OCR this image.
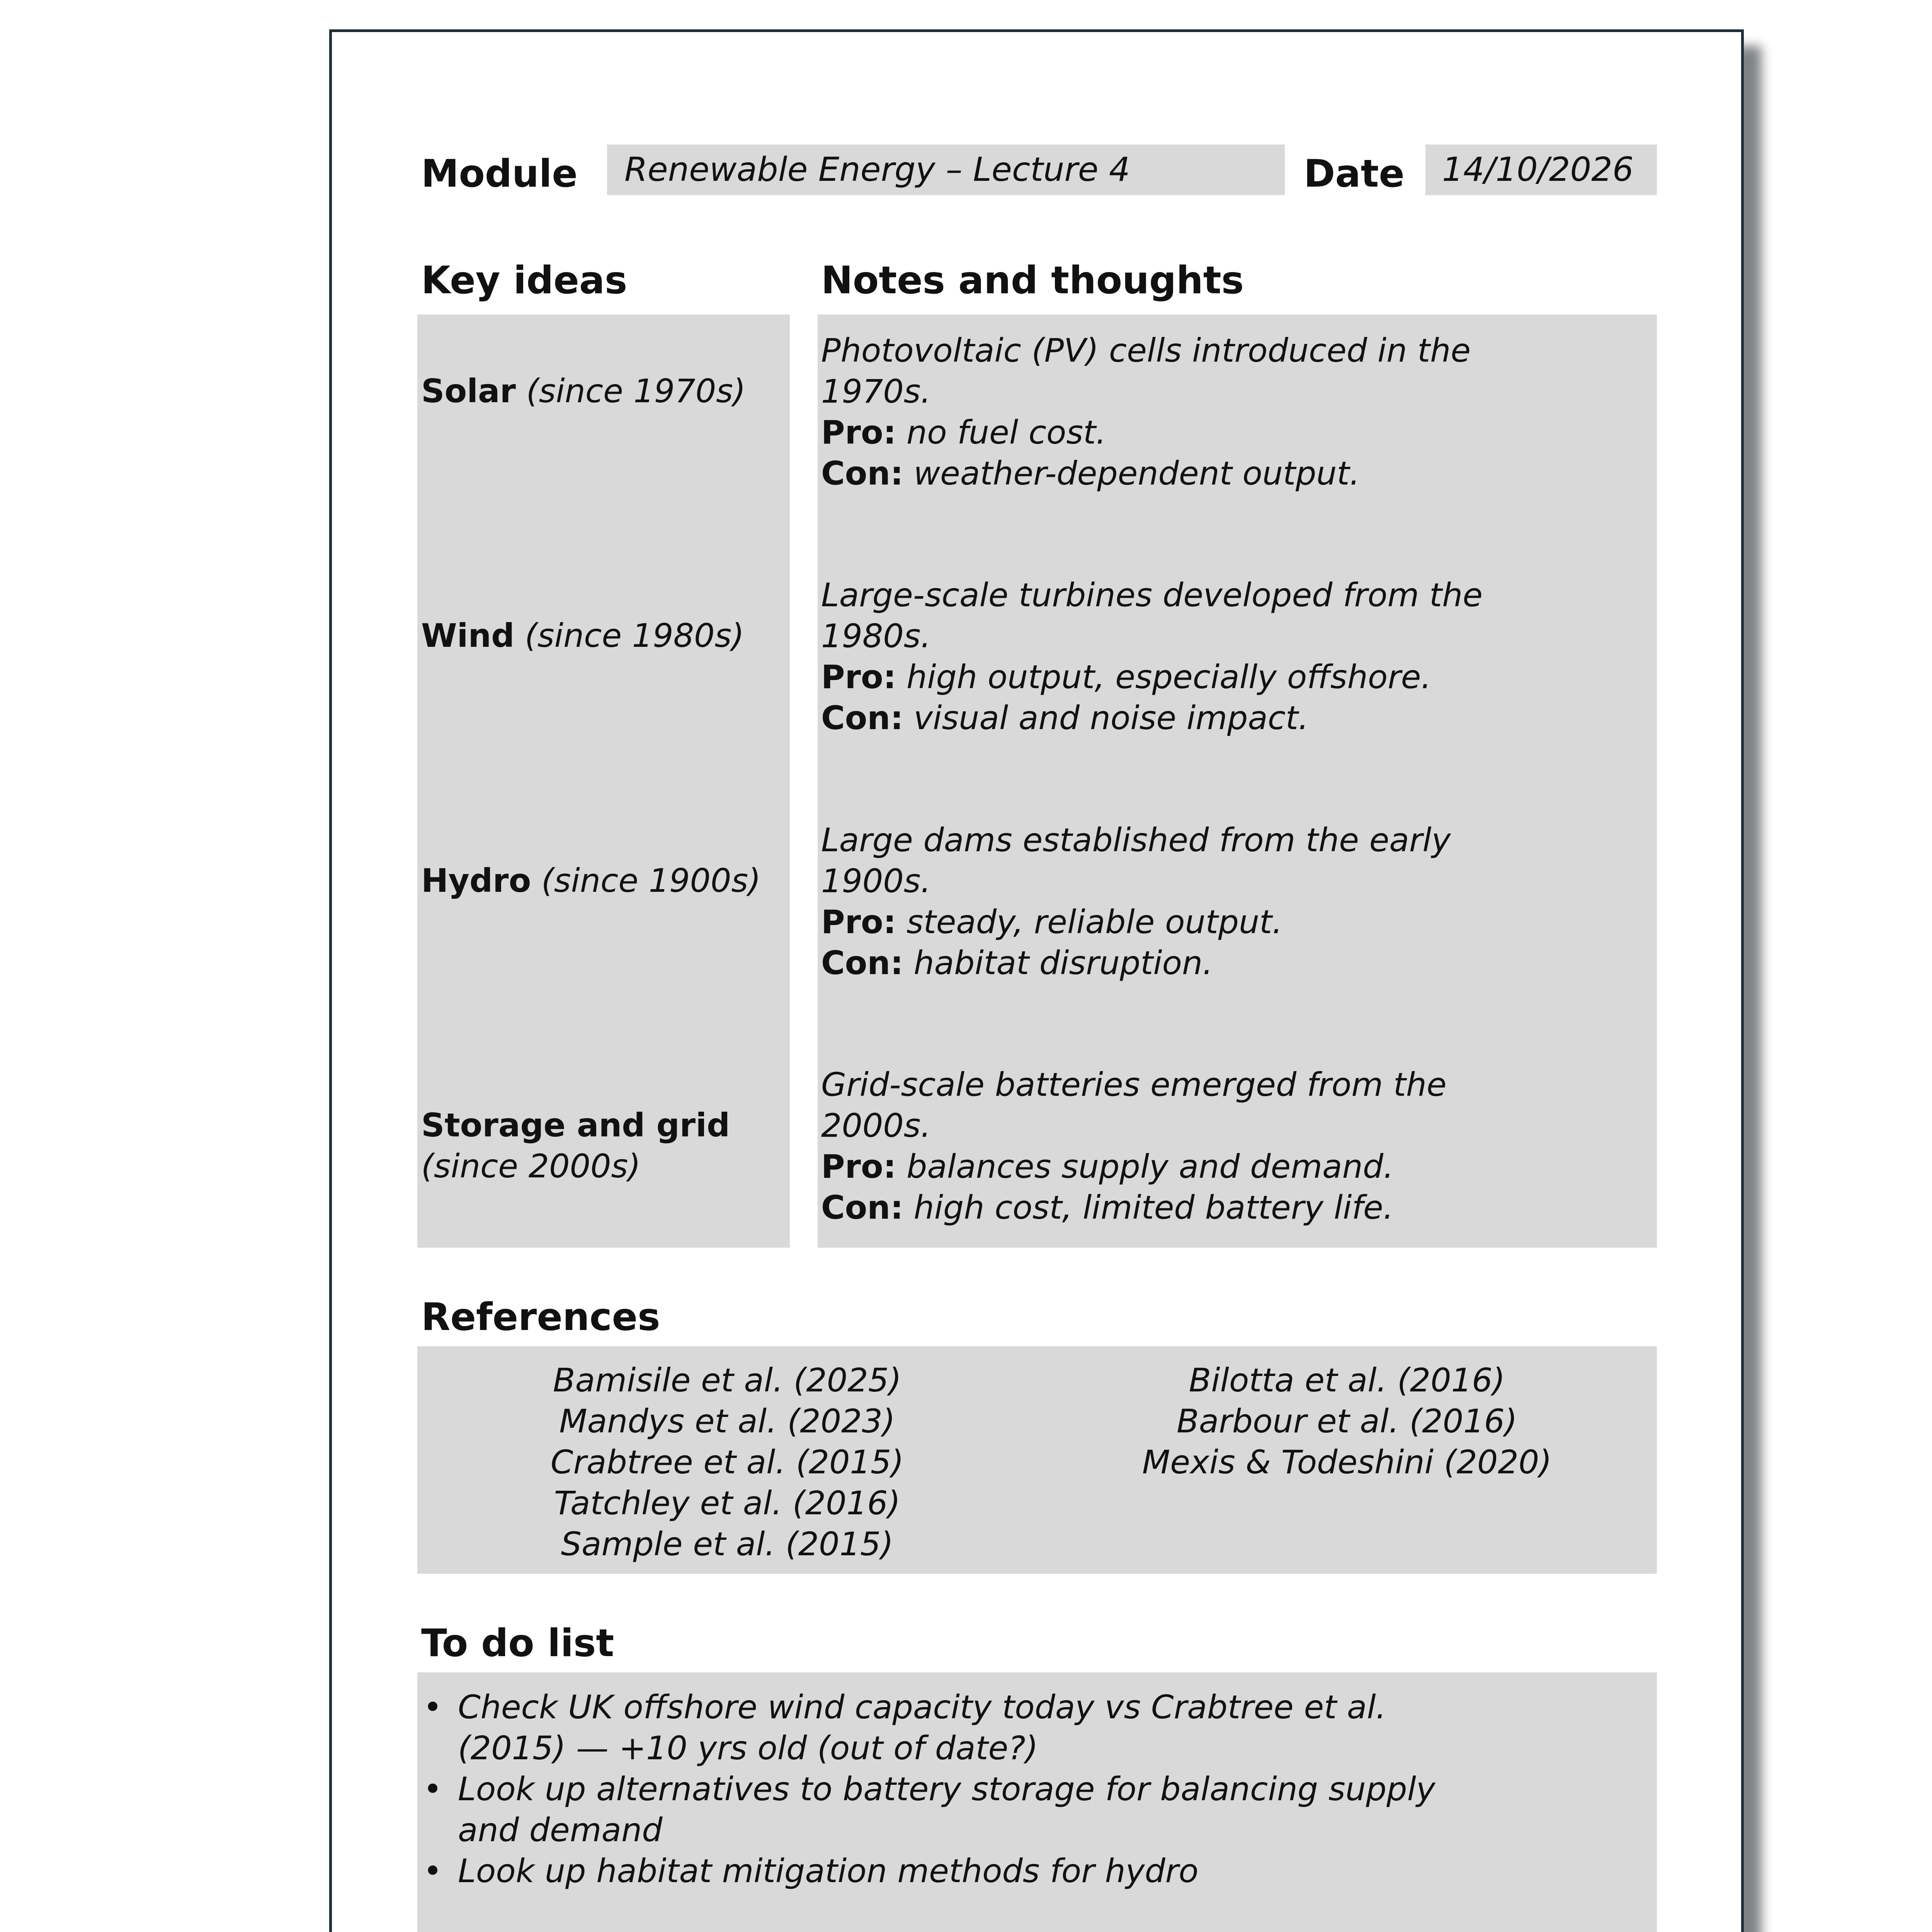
Module Renewable Energy – Lecture 4	Date 14/10/2026
Key ideas	Notes and thoughts
Solar (since 1970s)
Wind (since 1980s)
Hydro (since 1900s)
Storage and grid
(since 2000s)
Photovoltaic (PV) cells introduced in the
1970s.
Pro: no fuel cost.
Con: weather-dependent output.
Large-scale turbines developed from the
1980s.
Pro: high output, especially offshore.
Con: visual and noise impact.
Large dams established from the early
1900s.
Pro: steady, reliable output.
Con: habitat disruption.
Grid-scale batteries emerged from the
2000s.
Pro: balances supply and demand.
Con: high cost, limited battery life.
References
Bamisile et al. (2025)
Mandys et al. (2023)
Crabtree et al. (2015)
Tatchley et al. (2016)
Sample et al. (2015)
Bilotta et al. (2016)
Barbour et al. (2016)
Mexis & Todeshini (2020)
To do list
• Check UK offshore wind capacity today vs Crabtree et al.
(2015) — +10 yrs old (out of date?)
• Look up alternatives to battery storage for balancing supply
and demand
• Look up habitat mitigation methods for hydro
